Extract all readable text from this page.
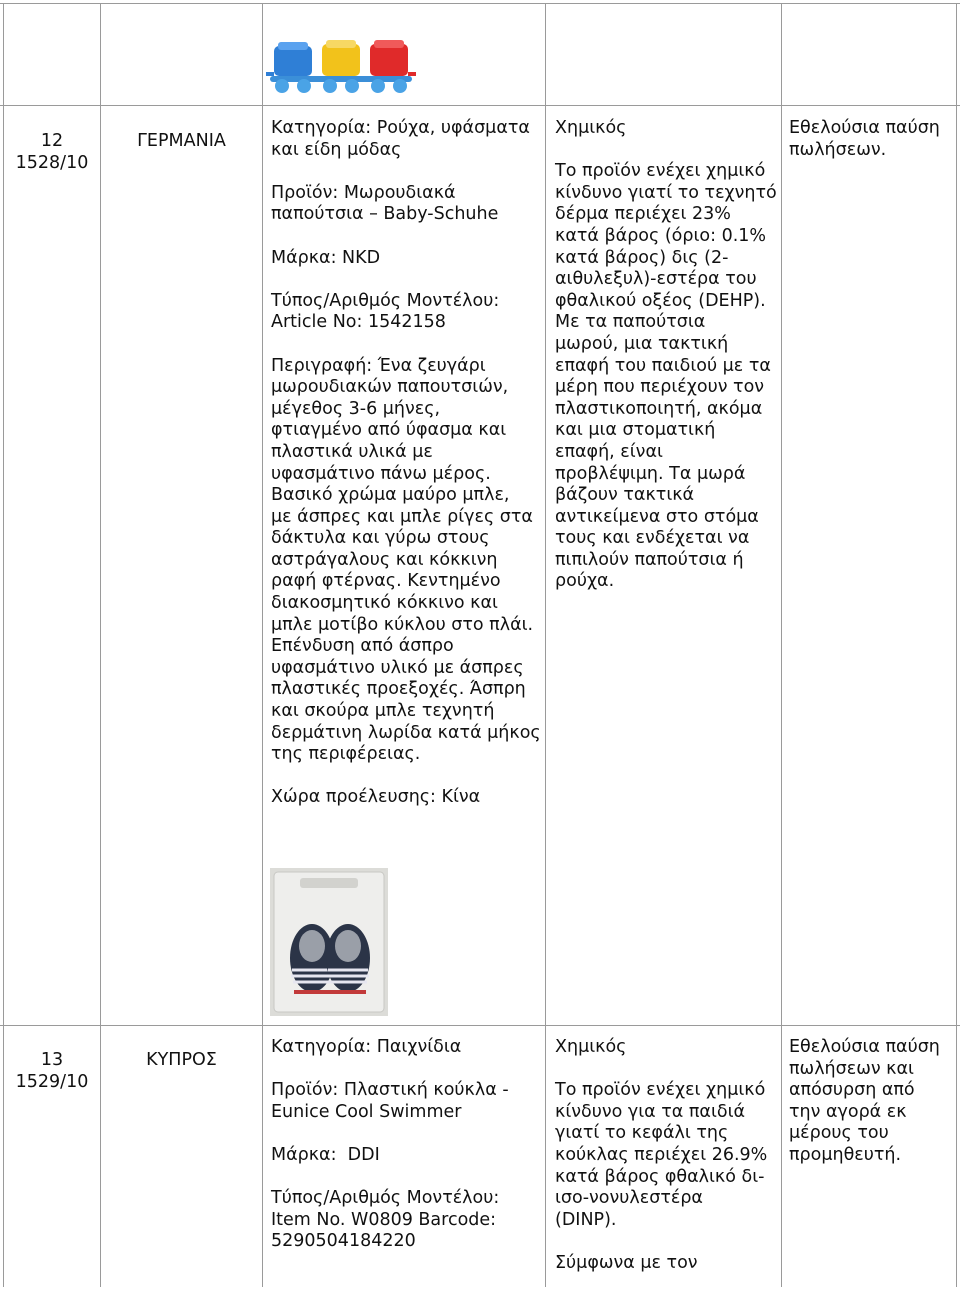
12
1528/10
ΓΕΡΜΑΝΙΑ
Κατηγορία: Ρούχα, υφάσματα
και είδη μόδας
Προϊόν: Μωρουδιακά
παπούτσια – Baby-Schuhe
Μάρκα: NKD
Τύπος/Αριθμός Μοντέλου:
Article No: 1542158
Περιγραφή: Ένα ζευγάρι
μωρουδιακών παπουτσιών,
μέγεθος 3-6 μήνες,
φτιαγμένο από ύφασμα και
πλαστικά υλικά με
υφασμάτινο πάνω μέρος.
Βασικό χρώμα μαύρο μπλε,
με άσπρες και μπλε ρίγες στα
δάκτυλα και γύρω στους
αστράγαλους και κόκκινη
ραφή φτέρνας. Κεντημένο
διακοσμητικό κόκκινο και
μπλε μοτίβο κύκλου στο πλάι.
Επένδυση από άσπρο
υφασμάτινο υλικό με άσπρες
πλαστικές προεξοχές. Άσπρη
και σκούρα μπλε τεχνητή
δερμάτινη λωρίδα κατά μήκος
της περιφέρειας.
Χώρα προέλευσης: Κίνα
Χημικός
Το προϊόν ενέχει χημικό
κίνδυνο γιατί το τεχνητό
δέρμα περιέχει 23%
κατά βάρος (όριο: 0.1%
κατά βάρος) δις (2-
αιθυλεξυλ)-εστέρα του
φθαλικού οξέος (DEHP).
Με τα παπούτσια
μωρού, μια τακτική
επαφή του παιδιού με τα
μέρη που περιέχουν τον
πλαστικοποιητή, ακόμα
και μια στοματική
επαφή, είναι
προβλέψιμη. Τα μωρά
βάζουν τακτικά
αντικείμενα στο στόμα
τους και ενδέχεται να
πιπιλούν παπούτσια ή
ρούχα.
Εθελούσια παύση
πωλήσεων.
13
1529/10
ΚΥΠΡΟΣ
Κατηγορία: Παιχνίδια
Προϊόν: Πλαστική κούκλα -
Eunice Cool Swimmer
Μάρκα:  DDI
Τύπος/Αριθμός Μοντέλου:
Item No. W0809 Barcode:
5290504184220
Χημικός
Το προϊόν ενέχει χημικό
κίνδυνο για τα παιδιά
γιατί το κεφάλι της
κούκλας περιέχει 26.9%
κατά βάρος φθαλικό δι-
ισο-νονυλεστέρα
(DINP).
Σύμφωνα με τον
Εθελούσια παύση
πωλήσεων και
απόσυρση από
την αγορά εκ
μέρους του
προμηθευτή.
